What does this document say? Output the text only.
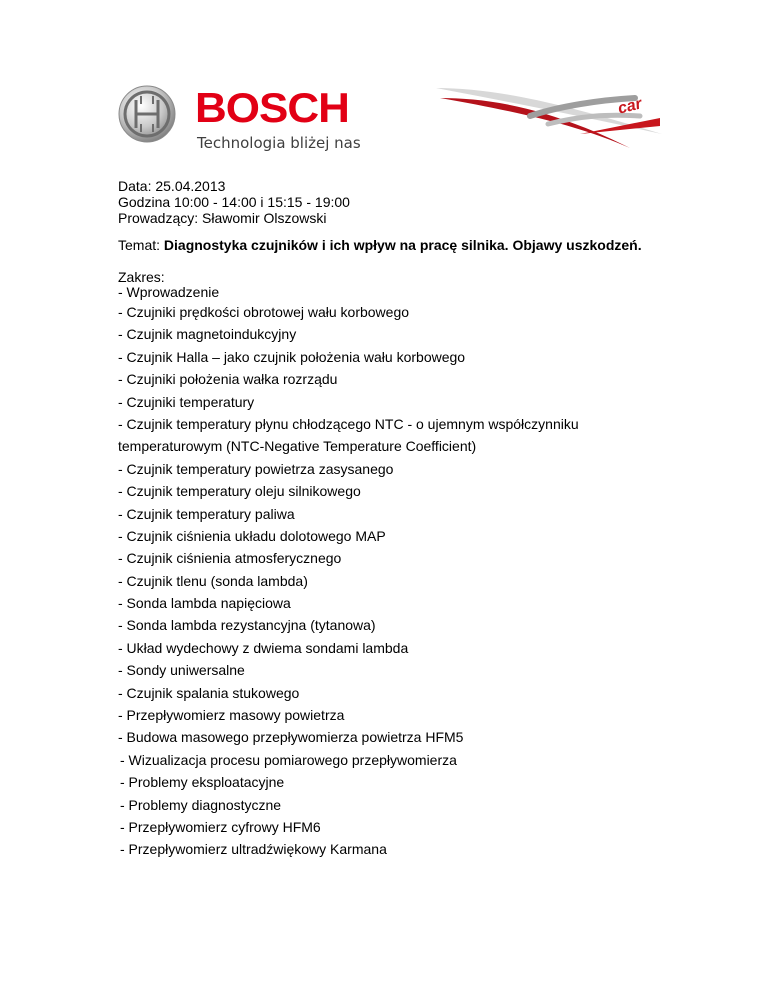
BOSCH
Technologia bliżej nas
car
Data: 25.04.2013
Godzina 10:00 - 14:00 i 15:15 - 19:00
Prowadzący: Sławomir Olszowski
Temat: Diagnostyka czujników i ich wpływ na pracę silnika. Objawy uszkodzeń.
Zakres:
- Wprowadzenie
- Czujniki prędkości obrotowej wału korbowego
- Czujnik magnetoindukcyjny
- Czujnik Halla – jako czujnik położenia wału korbowego
- Czujniki położenia wałka rozrządu
- Czujniki temperatury
- Czujnik temperatury płynu chłodzącego NTC - o ujemnym współczynniku
temperaturowym (NTC-Negative Temperature Coefficient)
- Czujnik temperatury powietrza zasysanego
- Czujnik temperatury oleju silnikowego
- Czujnik temperatury paliwa
- Czujnik ciśnienia układu dolotowego MAP
- Czujnik ciśnienia atmosferycznego
- Czujnik tlenu (sonda lambda)
- Sonda lambda napięciowa
- Sonda lambda rezystancyjna (tytanowa)
- Układ wydechowy z dwiema sondami lambda
- Sondy uniwersalne
- Czujnik spalania stukowego
- Przepływomierz masowy powietrza
- Budowa masowego przepływomierza powietrza HFM5
- Wizualizacja procesu pomiarowego przepływomierza
- Problemy eksploatacyjne
- Problemy diagnostyczne
- Przepływomierz cyfrowy HFM6
- Przepływomierz ultradźwiękowy Karmana
